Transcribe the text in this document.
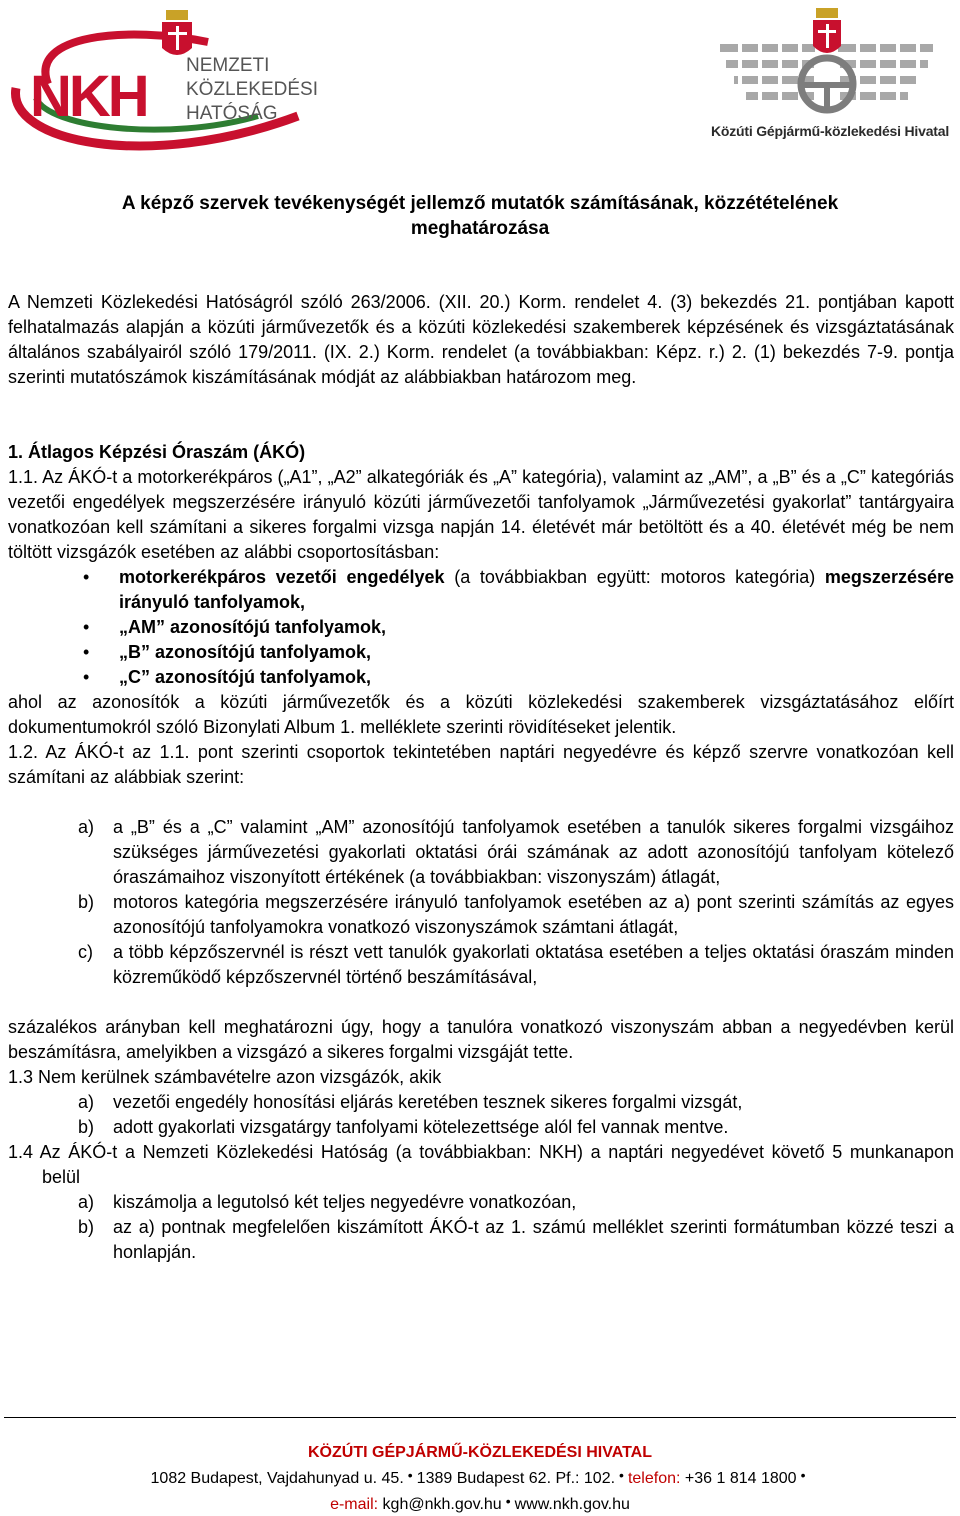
NKH NEMZETI
KÖZLEKEDÉSI
HATÓSÁG
Közúti Gépjármű-közlekedési Hivatal
A képző szervek tevékenységét jellemző mutatók számításának, közzétételének
meghatározása

A Nemzeti Közlekedési Hatóságról szóló 263/2006. (XII. 20.) Korm. rendelet 4. (3) bekezdés 21. pontjában kapott felhatalmazás alapján a közúti járművezetők és a közúti közlekedési szakemberek képzésének és vizsgáztatásának általános szabályairól szóló 179/2011. (IX. 2.) Korm. rendelet (a továbbiakban: Képz. r.) 2. (1) bekezdés 7-9. pontja szerinti mutatószámok kiszámításának módját az alábbiakban határozom meg.

1. Átlagos Képzési Óraszám (ÁKÓ)

1.1. Az ÁKÓ-t a motorkerékpáros („A1”, „A2” alkategóriák és „A” kategória), valamint az „AM”, a „B” és a „C” kategóriás vezetői engedélyek megszerzésére irányuló közúti járművezetői tanfolyamok „Járművezetési gyakorlat” tantárgyaira vonatkozóan kell számítani a sikeres forgalmi vizsga napján 14. életévét már betöltött és a 40. életévét még be nem töltött vizsgázók esetében az alábbi csoportosításban:

• motorkerékpáros vezetői engedélyek (a továbbiakban együtt: motoros kategória) megszerzésére irányuló tanfolyamok,
• „AM” azonosítójú tanfolyamok,
• „B” azonosítójú tanfolyamok,
• „C” azonosítójú tanfolyamok,

ahol az azonosítók a közúti járművezetők és a közúti közlekedési szakemberek vizsgáztatásához előírt dokumentumokról szóló Bizonylati Album 1. melléklete szerinti rövidítéseket jelentik.

1.2. Az ÁKÓ-t az 1.1. pont szerinti csoportok tekintetében naptári negyedévre és képző szervre vonatkozóan kell számítani az alábbiak szerint:

a) a „B” és a „C” valamint „AM” azonosítójú tanfolyamok esetében a tanulók sikeres forgalmi vizsgáihoz szükséges járművezetési gyakorlati oktatási órái számának az adott azonosítójú tanfolyam kötelező óraszámaihoz viszonyított értékének (a továbbiakban: viszonyszám) átlagát,
b) motoros kategória megszerzésére irányuló tanfolyamok esetében az a) pont szerinti számítás az egyes azonosítójú tanfolyamokra vonatkozó viszonyszámok számtani átlagát,
c) a több képzőszervnél is részt vett tanulók gyakorlati oktatása esetében a teljes oktatási óraszám minden közreműködő képzőszervnél történő beszámításával,

százalékos arányban kell meghatározni úgy, hogy a tanulóra vonatkozó viszonyszám abban a negyedévben kerül beszámításra, amelyikben a vizsgázó a sikeres forgalmi vizsgáját tette.

1.3 Nem kerülnek számbavételre azon vizsgázók, akik

a) vezetői engedély honosítási eljárás keretében tesznek sikeres forgalmi vizsgát,
b) adott gyakorlati vizsgatárgy tanfolyami kötelezettsége alól fel vannak mentve.

1.4 Az ÁKÓ-t a Nemzeti Közlekedési Hatóság (a továbbiakban: NKH) a naptári negyedévet követő 5 munkanapon belül

a) kiszámolja a legutolsó két teljes negyedévre vonatkozóan,
b) az a) pontnak megfelelően kiszámított ÁKÓ-t az 1. számú melléklet szerinti formátumban közzé teszi a honlapján.
KÖZÚTI GÉPJÁRMŰ-KÖZLEKEDÉSI HIVATAL
1082 Budapest, Vajdahunyad u. 45. • 1389 Budapest 62. Pf.: 102. • telefon: +36 1 814 1800 •
e-mail: kgh@nkh.gov.hu • www.nkh.gov.hu
